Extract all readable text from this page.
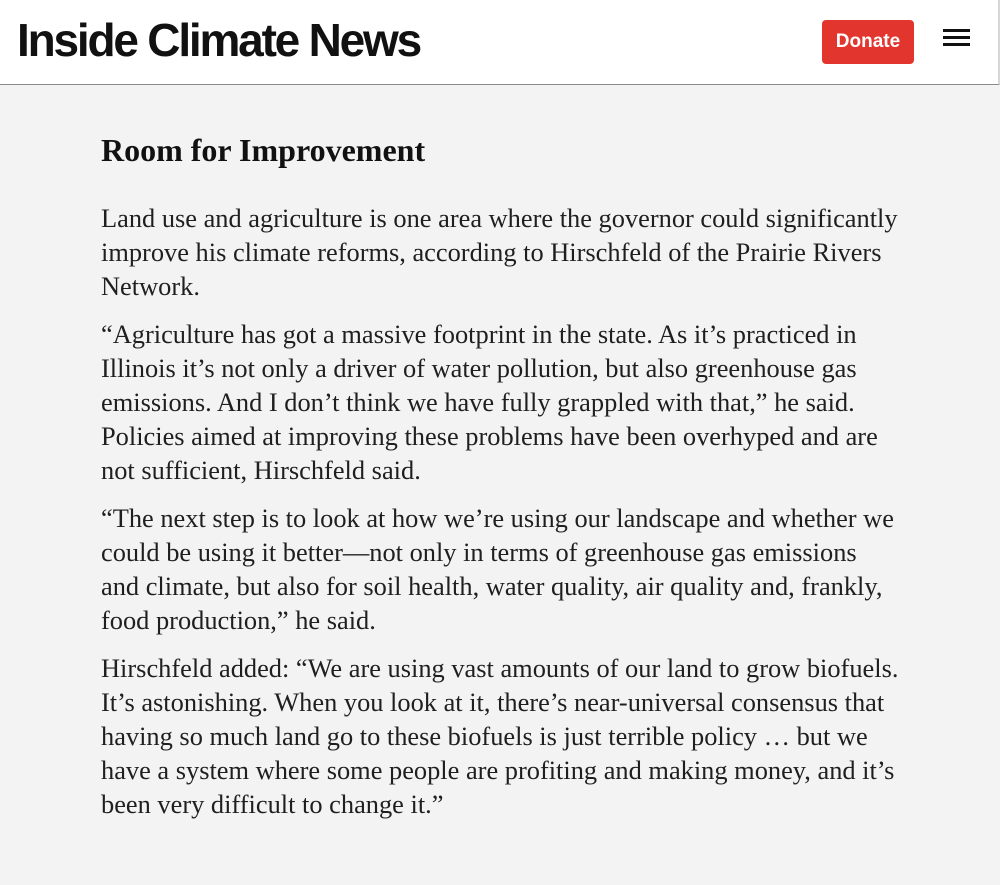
Inside Climate News	Donate
Room for Improvement

Land use and agriculture is one area where the governor could significantly improve his climate reforms, according to Hirschfeld of the Prairie Rivers Network.

“Agriculture has got a massive footprint in the state. As it’s practiced in Illinois it’s not only a driver of water pollution, but also greenhouse gas emissions. And I don’t think we have fully grappled with that,” he said. Policies aimed at improving these problems have been overhyped and are not sufficient, Hirschfeld said.

“The next step is to look at how we’re using our landscape and whether we could be using it better—not only in terms of greenhouse gas emissions and climate, but also for soil health, water quality, air quality and, frankly, food production,” he said.

Hirschfeld added: “We are using vast amounts of our land to grow biofuels. It’s astonishing. When you look at it, there’s near-universal consensus that having so much land go to these biofuels is just terrible policy … but we have a system where some people are profiting and making money, and it’s been very difficult to change it.”
